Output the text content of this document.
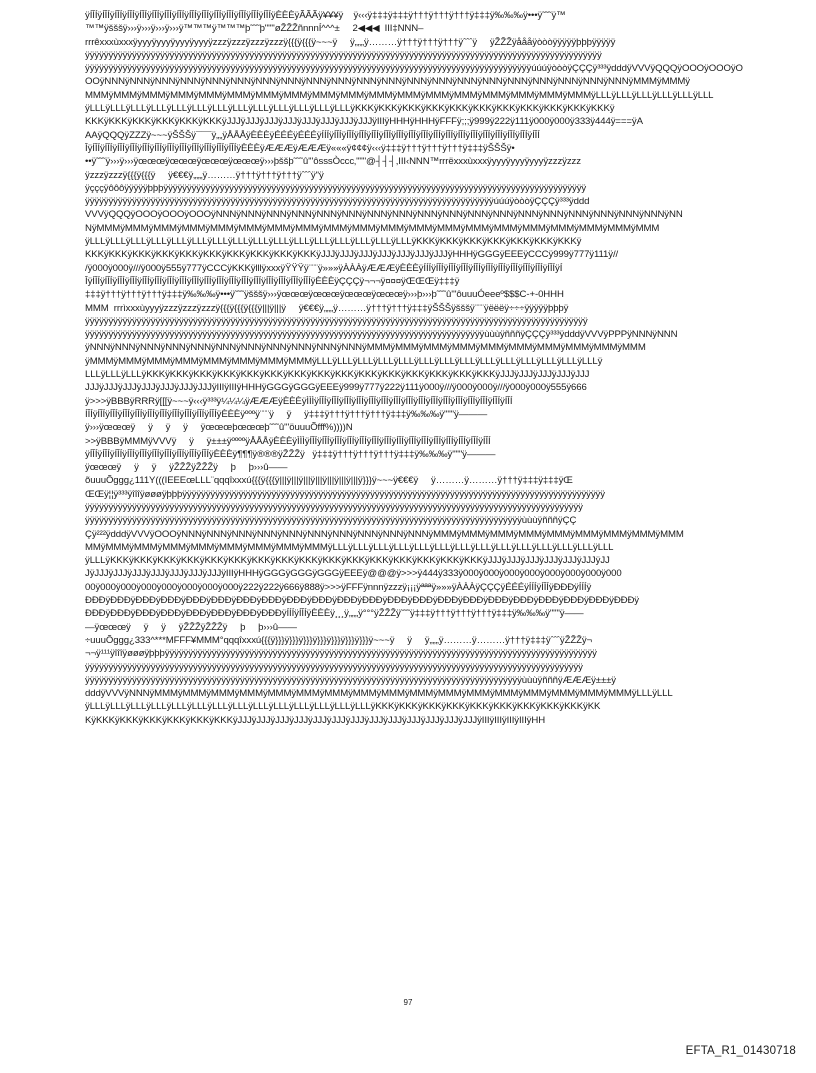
ÿÍÎÍÿÍÎÍÿÍÎÍÿÍÎÍÿÍÎÍÿÍÎÍÿÍÎÍÿÍÎÍÿÍÎÍÿÍÎÍÿÍÎÍÿÍÎÍÿÍÎÍÿÍÎÍÿÍÎÍÿÈÈÈÿÃÃÃÿ¥¥¥ÿ    ÿ‹‹‹ÿ‡‡‡ÿ‡‡‡ÿ†††ÿ†††ÿ†††ÿ‡‡‡ÿ‰‰‰ÿ•••ÿ˜˜˜ÿ™
™™ÿšššÿ›››ÿ›››ÿ›››ÿ›››ÿ™™™ÿ™™™þ˜˜˜þ"""øŽŽŽñnnnÍ^^^±     2◀◀◀  III‡NNN–
rrrêxxxùxxxÿyyyÿyyyÿyyyÿyyyÿzzzÿzzzÿzzzÿzzzÿ{{{ÿ{{{ÿ~~~ÿ     ÿ„„„ÿ………ÿ†††ÿ†††ÿ†††ÿˆˆˆÿ     ÿŽŽŽÿåååÿòòòÿÿÿÿÿþþþÿÿÿÿÿ
ÿÿÿÿÿÿÿÿÿÿÿÿÿÿÿÿÿÿÿÿÿÿÿÿÿÿÿÿÿÿÿÿÿÿÿÿÿÿÿÿÿÿÿÿÿÿÿÿÿÿÿÿÿÿÿÿÿÿÿÿÿÿÿÿÿÿÿÿÿÿÿÿÿÿÿÿÿÿÿÿÿÿÿÿÿÿÿÿÿÿÿÿÿÿÿÿÿÿÿÿÿÿÿÿÿÿÿÿÿÿ
ÿÿÿÿÿÿÿÿÿÿÿÿÿÿÿÿÿÿÿÿÿÿÿÿÿÿÿÿÿÿÿÿÿÿÿÿÿÿÿÿÿÿÿÿÿÿÿÿÿÿÿÿÿÿÿÿÿÿÿÿÿÿÿÿÿÿÿÿÿÿÿÿÿÿÿÿÿÿÿÿÿÿÿÿÿÿÿÿÿÿÿÿÿÿÿúúúÿòòòÿÇÇÇÿ³³³ÿdddÿVVVÿQQQÿOOOÿOOOÿO
OOÿNNNÿNNNÿNNNÿNNNÿNNNÿNNNÿNNNÿNNNÿNNNÿNNNÿNNNÿNNNÿNNNÿNNNÿNNNÿNNNÿNNNÿNNNÿNNNÿNNNÿNNNÿMMMÿMMMÿ
MMMÿMMMÿMMMÿMMMÿMMMÿMMMÿMMMÿMMMÿMMMÿMMMÿMMMÿMMMÿMMMÿMMMÿMMMÿMMMÿMMMÿMMMÿLLLÿLLLÿLLLÿLLLÿLLLÿLLL
ÿLLLÿLLLÿLLLÿLLLÿLLLÿLLLÿLLLÿLLLÿLLLÿLLLÿLLLÿLLLÿLLLÿKKKÿKKKÿKKKÿKKKÿKKKÿKKKÿKKKÿKKKÿKKKÿKKKÿKKKÿ
KKKÿKKKÿKKKÿKKKÿKKKÿKKKÿJJJÿJJJÿJJJÿJJJÿJJJÿJJJÿJJJÿJJJÿIIIÿHHHÿHHHÿFFFÿ;;;ÿ999ÿ222ÿ111ÿ000ÿ000ÿ333ÿ444ÿ===ÿA
AAÿQQQÿZZZÿ~~~ÿŠŠŠÿ¯¯¯ÿ„„ÿÅÅÅÿÈÈÈÿÉÉÉÿÉÉÉÿÍÍÍÿÍÎÍÿÍÎÍÿÍÎÍÿÍÎÍÿÍÎÍÿÍÎÍÿÍÎÍÿÍÎÍÿÍÎÍÿÍÎÍÿÍÎÍÿÍÎÍÿÍÎÍÿÍÎÍÿÍÎÍÿÍÎÍÿÍÎÍ
ÎÿÍÎÍÿÍÎÍÿÍÎÍÿÍÎÍÿÍÎÍÿÍÎÍÿÍÎÍÿÍÎÍÿÍÎÍÿÍÎÍÿÍÎÍÿÍÎÍÿÈÈÈÿÆÆÆÿÆÆÆÿ«««ÿ¢¢¢ÿ‹‹‹ÿ‡‡‡ÿ†††ÿ†††ÿ†††ÿ‡‡‡ÿŠŠŠÿ•
••ÿ˜˜˜ÿ›››ÿ›››ÿœœœÿœœœÿœœœÿœœœÿ›››þššþ˜˜˜û'''ôsssÒccc‚"""@┤┤┤,III‹NNN™rrrëxxxùxxxÿyyyÿyyyÿyyyÿzzzÿzzz
ÿzzzÿzzzÿ{{{ÿ{{{ÿ     ÿ€€€ÿ„„„ÿ………ÿ†††ÿ†††ÿ†††ÿˆˆˆÿ''ÿ
ÿçççÿôôôÿÿÿÿÿþþþÿÿÿÿÿÿÿÿÿÿÿÿÿÿÿÿÿÿÿÿÿÿÿÿÿÿÿÿÿÿÿÿÿÿÿÿÿÿÿÿÿÿÿÿÿÿÿÿÿÿÿÿÿÿÿÿÿÿÿÿÿÿÿÿÿÿÿÿÿÿÿÿÿÿÿÿÿÿÿÿÿÿÿÿÿÿÿÿÿÿ
ÿÿÿÿÿÿÿÿÿÿÿÿÿÿÿÿÿÿÿÿÿÿÿÿÿÿÿÿÿÿÿÿÿÿÿÿÿÿÿÿÿÿÿÿÿÿÿÿÿÿÿÿÿÿÿÿÿÿÿÿÿÿÿÿÿÿÿÿÿÿÿÿÿÿÿÿÿÿÿÿÿÿÿÿÿÿÿúúúÿòòòÿÇÇÇÿ³³³ÿddd
VVVÿQQQÿOOOÿOOOÿOOOÿNNNÿNNNÿNNNÿNNNÿNNNÿNNNÿNNNÿNNNÿNNNÿNNNÿNNNÿNNNÿNNNÿNNNÿNNNÿNNNÿNNNÿNNNÿNN
NÿMMMÿMMMÿMMMÿMMMÿMMMÿMMMÿMMMÿMMMÿMMMÿMMMÿMMMÿMMMÿMMMÿMMMÿMMMÿMMMÿMMMÿMMMÿMMMÿMMM
ÿLLLÿLLLÿLLLÿLLLÿLLLÿLLLÿLLLÿLLLÿLLLÿLLLÿLLLÿLLLÿLLLÿLLLÿLLLÿLLLÿKKKÿKKKÿKKKÿKKKÿKKKÿKKKÿKKKÿ
KKKÿKKKÿKKKÿKKKÿKKKÿKKKÿKKKÿKKKÿKKKÿKKKÿJJJÿJJJÿJJJÿJJJÿJJJÿJJJÿJJJÿHHHÿGGGÿEEEÿCCCÿ999ÿ777ÿ111ÿ//
/ÿ000ÿ000ÿ///ÿ000ÿ555ÿ777ÿCCCÿKKKÿlllÿxxxÿŸŸŸÿ¨¨¨ÿ»»»ÿÀÀÀÿÆÆÆÿÈÈÈÿÍÍÍÿÍÎÍÿÍÎÍÿÍÎÍÿÍÎÍÿÍÎÍÿÍÎÍÿÍÎÍÿÍÎÍÿÍÎÍÿÍÎÍÿÍ
ÎÿÍÎÍÿÍÎÍÿÍÎÍÿÍÎÍÿÍÎÍÿÍÎÍÿÍÎÍÿÍÎÍÿÍÎÍÿÍÎÍÿÍÎÍÿÍÎÍÿÍÎÍÿÍÎÍÿÍÎÍÿÍÎÍÿÍÎÍÿÍÎÍÿÈÈÈÿÇÇÇÿ¬¬¬ÿ¤¤¤ÿŒŒŒÿ‡‡‡ÿ
‡‡‡ÿ†††ÿ†††ÿ†††ÿ‡‡‡ÿ‰‰‰ÿ•••ÿ˜˜˜ÿšššÿ›››ÿœœœÿœœœÿœœœÿœœœÿ›››þ›››þ˜˜˜û'''ôuuuÓeeeº$$$C-+-0HHH
MMM  rrrìxxxùyyyÿzzzÿzzzÿzzzÿ{{{ÿ{{{ÿ{{{ÿ|||ÿ|||ÿ     ÿ€€€ÿ„„„ÿ………ÿ†††ÿ†††ÿ‡‡‡ÿŠŠŠÿšššÿ¨¨¨ÿëëëÿ÷÷÷ÿÿÿÿÿþþþÿ
ÿÿÿÿÿÿÿÿÿÿÿÿÿÿÿÿÿÿÿÿÿÿÿÿÿÿÿÿÿÿÿÿÿÿÿÿÿÿÿÿÿÿÿÿÿÿÿÿÿÿÿÿÿÿÿÿÿÿÿÿÿÿÿÿÿÿÿÿÿÿÿÿÿÿÿÿÿÿÿÿÿÿÿÿÿÿÿÿÿÿÿÿÿÿÿÿÿÿÿÿÿÿÿÿÿÿÿ
ÿÿÿÿÿÿÿÿÿÿÿÿÿÿÿÿÿÿÿÿÿÿÿÿÿÿÿÿÿÿÿÿÿÿÿÿÿÿÿÿÿÿÿÿÿÿÿÿÿÿÿÿÿÿÿÿÿÿÿÿÿÿÿÿÿÿÿÿÿÿÿÿÿÿÿÿÿÿÿÿÿÿÿÿÿùùùÿñññÿÇÇÇÿ³³³ÿdddÿVVVÿPPPÿNNNÿNNN
ÿNNNÿNNNÿNNNÿNNNÿNNNÿNNNÿNNNÿNNNÿNNNÿNNNÿNNNÿMMMÿMMMÿMMMÿMMMÿMMMÿMMMÿMMMÿMMMÿMMMÿMMM
ÿMMMÿMMMÿMMMÿMMMÿMMMÿMMMÿMMMÿMMMÿLLLÿLLLÿLLLÿLLLÿLLLÿLLLÿLLLÿLLLÿLLLÿLLLÿLLLÿLLLÿLLLÿLLLÿ
LLLÿLLLÿLLLÿKKKÿKKKÿKKKÿKKKÿKKKÿKKKÿKKKÿKKKÿKKKÿKKKÿKKKÿKKKÿKKKÿKKKÿKKKÿJJJÿJJJÿJJJÿJJJÿJJJ
JJJÿJJJÿJJJÿJJJÿJJJÿJJJÿJJJÿIIIÿIIIÿHHHÿGGGÿGGGÿEEEÿ999ÿ777ÿ222ÿ111ÿ000ÿ///ÿ000ÿ000ÿ///ÿ000ÿ000ÿ555ÿ666
ÿ>>>ÿBBBÿRRRÿ[[[ÿ~~~ÿ‹‹‹ÿ³³³ÿ¼¼¼ÿÆÆÆÿÈÈÈÿÌÌÌÿÍÎÍÿÍÎÍÿÍÎÍÿÍÎÍÿÍÎÍÿÍÎÍÿÍÎÍÿÍÎÍÿÍÎÍÿÍÎÍÿÍÎÍÿÍÎÍÿÍÎÍÿÍÎÍÿÍÎÍÿÍÎÍ
ÍÎÍÿÍÎÍÿÍÎÍÿÍÎÍÿÍÎÍÿÍÎÍÿÍÎÍÿÍÎÍÿÍÎÍÿÍÎÍÿÍÎÍÿÈÈÈÿºººÿ¨¨¨ÿ     ÿ     ÿ‡‡‡ÿ†††ÿ†††ÿ†††ÿ‡‡‡ÿ‰‰‰ÿ"""ÿ———
ÿ›››ÿœœœÿ     ÿ     ÿ     ÿ     ÿœœœþœœœþ˜˜˜û'''öuuuÕfff%))))N
>>ÿBBBÿMMMÿVVVÿ     ÿ     ÿ±±±ÿººººÿÅÅÅÿÈÈÈÿÌÌÌÿÍÎÍÿÍÎÍÿÍÎÍÿÍÎÍÿÍÎÍÿÍÎÍÿÍÎÍÿÍÎÍÿÍÎÍÿÍÎÍÿÍÎÍÿÍÎÍÿÍÎÍÿÍÎÍÿÍÎÍ
ÿÍÎÍÿÍÎÍÿÍÎÍÿÍÎÍÿÍÎÍÿÍÎÍÿÍÎÍÿÍÎÍÿÍÎÍÿÍÎÍÿÈÈÈÿ¶¶¶ÿ®®®ÿŽŽŽÿ   ÿ‡‡‡ÿ†††ÿ†††ÿ†††ÿ‡‡‡ÿ‰‰‰ÿ"""ÿ———
ÿœœœÿ     ÿ     ÿ     ÿŽŽŽÿŽŽŽÿ     þ     þ›››û——
õuuuÕggg¿111Y(((IEEEœLLL¨qqqîxxxú{{{ÿ{{{ÿ|||ÿ|||ÿ|||ÿ|||ÿ|||ÿ|||ÿ|||ÿ}}}ÿ~~~ÿ€€€ÿ     ÿ………ÿ………ÿ†††ÿ‡‡‡ÿ‡‡‡ÿŒ
ŒŒÿ¦¦ÿ³³³ÿîîîÿøøøÿþþþÿÿÿÿÿÿÿÿÿÿÿÿÿÿÿÿÿÿÿÿÿÿÿÿÿÿÿÿÿÿÿÿÿÿÿÿÿÿÿÿÿÿÿÿÿÿÿÿÿÿÿÿÿÿÿÿÿÿÿÿÿÿÿÿÿÿÿÿÿÿÿÿÿÿÿÿÿÿÿÿÿÿÿÿÿÿÿÿÿÿ
ÿÿÿÿÿÿÿÿÿÿÿÿÿÿÿÿÿÿÿÿÿÿÿÿÿÿÿÿÿÿÿÿÿÿÿÿÿÿÿÿÿÿÿÿÿÿÿÿÿÿÿÿÿÿÿÿÿÿÿÿÿÿÿÿÿÿÿÿÿÿÿÿÿÿÿÿÿÿÿÿÿÿÿÿÿÿÿÿÿÿÿÿÿÿÿÿÿÿÿÿÿÿÿÿÿÿ
ÿÿÿÿÿÿÿÿÿÿÿÿÿÿÿÿÿÿÿÿÿÿÿÿÿÿÿÿÿÿÿÿÿÿÿÿÿÿÿÿÿÿÿÿÿÿÿÿÿÿÿÿÿÿÿÿÿÿÿÿÿÿÿÿÿÿÿÿÿÿÿÿÿÿÿÿÿÿÿÿÿÿÿÿÿÿÿÿÿÿÿÿÿùùùÿñññÿÇÇ
Çÿ²²²ÿdddÿVVVÿOOOÿNNNÿNNNÿNNNÿNNNÿNNNÿNNNÿNNNÿNNNÿNNNÿNNNÿMMMÿMMMÿMMMÿMMMÿMMMÿMMMÿMMMÿMMMÿMMM
MMÿMMMÿMMMÿMMMÿMMMÿMMMÿMMMÿMMMÿMMMÿLLLÿLLLÿLLLÿLLLÿLLLÿLLLÿLLLÿLLLÿLLLÿLLLÿLLLÿLLLÿLLLÿLLL
ÿLLLÿKKKÿKKKÿKKKÿKKKÿKKKÿKKKÿKKKÿKKKÿKKKÿKKKÿKKKÿKKKÿKKKÿKKKÿKKKÿKKKÿJJJÿJJJÿJJJÿJJJÿJJJÿJJJÿJJ
JÿJJJÿJJJÿJJJÿJJJÿJJJÿJJJÿJJJÿIIIÿHHHÿGGGÿGGGÿGGGÿEEEÿ@@@ÿ>>>ÿ444ÿ333ÿ000ÿ000ÿ000ÿ000ÿ000ÿ000ÿ000ÿ000
00ÿ000ÿ000ÿ000ÿ000ÿ000ÿ000ÿ000ÿ222ÿ222ÿ666ÿ888ÿ>>>ÿFFFÿnnnÿzzzÿ¡¡¡ÿªªªÿ»»»ÿÀÀÀÿÇÇÇÿÉÉÉÿÍÍÍÿÍÎÍÿÐÐÐÿÍÍÍÿ
ÐÐÐÿÐÐÐÿÐÐÐÿÐÐÐÿÐÐÐÿÐÐÐÿÐÐÐÿÐÐÐÿÐÐÐÿÐÐÐÿÐÐÐÿÐÐÐÿÐÐÐÿÐÐÐÿÐÐÐÿÐÐÐÿÐÐÐÿÐÐÐÿÐÐÐÿÐÐÐÿÐÐÐÿÐÐÐÿ
ÐÐÐÿÐÐÐÿÐÐÐÿÐÐÐÿÐÐÐÿÐÐÐÿÐÐÐÿÐÐÐÿÍÍÍÿÍÎÍÿÈÈÈÿ¸¸¸ÿ„„„ÿ°°°ÿŽŽŽÿ˜˜˜ÿ‡‡‡ÿ†††ÿ†††ÿ†††ÿ‡‡‡ÿ‰‰‰ÿ"""ÿ——
—ÿœœœÿ     ÿ     ÿ     ÿŽŽŽÿŽŽŽÿ     þ     þ›››û——
÷uuuÕggg¿333^***MFFF¥MMM°qqqîxxxú{{{ÿ}}}ÿ}}}ÿ}}}ÿ}}}ÿ}}}ÿ}}}ÿ}}}ÿ~~~ÿ     ÿ     ÿ„„„ÿ………ÿ………ÿ†††ÿ‡‡‡ÿˆˆˆÿŽŽŽÿ¬
¬¬ÿ¹¹¹ÿîîîÿøøøÿþþþÿÿÿÿÿÿÿÿÿÿÿÿÿÿÿÿÿÿÿÿÿÿÿÿÿÿÿÿÿÿÿÿÿÿÿÿÿÿÿÿÿÿÿÿÿÿÿÿÿÿÿÿÿÿÿÿÿÿÿÿÿÿÿÿÿÿÿÿÿÿÿÿÿÿÿÿÿÿÿÿÿÿÿÿÿÿÿÿÿÿÿÿ
ÿÿÿÿÿÿÿÿÿÿÿÿÿÿÿÿÿÿÿÿÿÿÿÿÿÿÿÿÿÿÿÿÿÿÿÿÿÿÿÿÿÿÿÿÿÿÿÿÿÿÿÿÿÿÿÿÿÿÿÿÿÿÿÿÿÿÿÿÿÿÿÿÿÿÿÿÿÿÿÿÿÿÿÿÿÿÿÿÿÿÿÿÿÿÿÿÿÿÿÿÿÿÿÿÿÿ
ÿÿÿÿÿÿÿÿÿÿÿÿÿÿÿÿÿÿÿÿÿÿÿÿÿÿÿÿÿÿÿÿÿÿÿÿÿÿÿÿÿÿÿÿÿÿÿÿÿÿÿÿÿÿÿÿÿÿÿÿÿÿÿÿÿÿÿÿÿÿÿÿÿÿÿÿÿÿÿÿÿÿÿÿÿÿÿÿÿÿÿÿÿùùùÿñññÿÆÆÆÿ±±±ÿ
dddÿVVVÿNNNÿMMMÿMMMÿMMMÿMMMÿMMMÿMMMÿMMMÿMMMÿMMMÿMMMÿMMMÿMMMÿMMMÿMMMÿMMMÿMMMÿMMMÿLLLÿLLL
ÿLLLÿLLLÿLLLÿLLLÿLLLÿLLLÿLLLÿLLLÿLLLÿLLLÿLLLÿLLLÿLLLÿLLLÿKKKÿKKKÿKKKÿKKKÿKKKÿKKKÿKKKÿKKKÿKKKÿKK
KÿKKKÿKKKÿKKKÿKKKÿKKKÿKKKÿJJJÿJJJÿJJJÿJJJÿJJJÿJJJÿJJJÿJJJÿJJJÿJJJÿJJJÿJJJÿJJJÿIIIÿIIIÿIIIÿIIIÿHH
97
EFTA_R1_01430718
